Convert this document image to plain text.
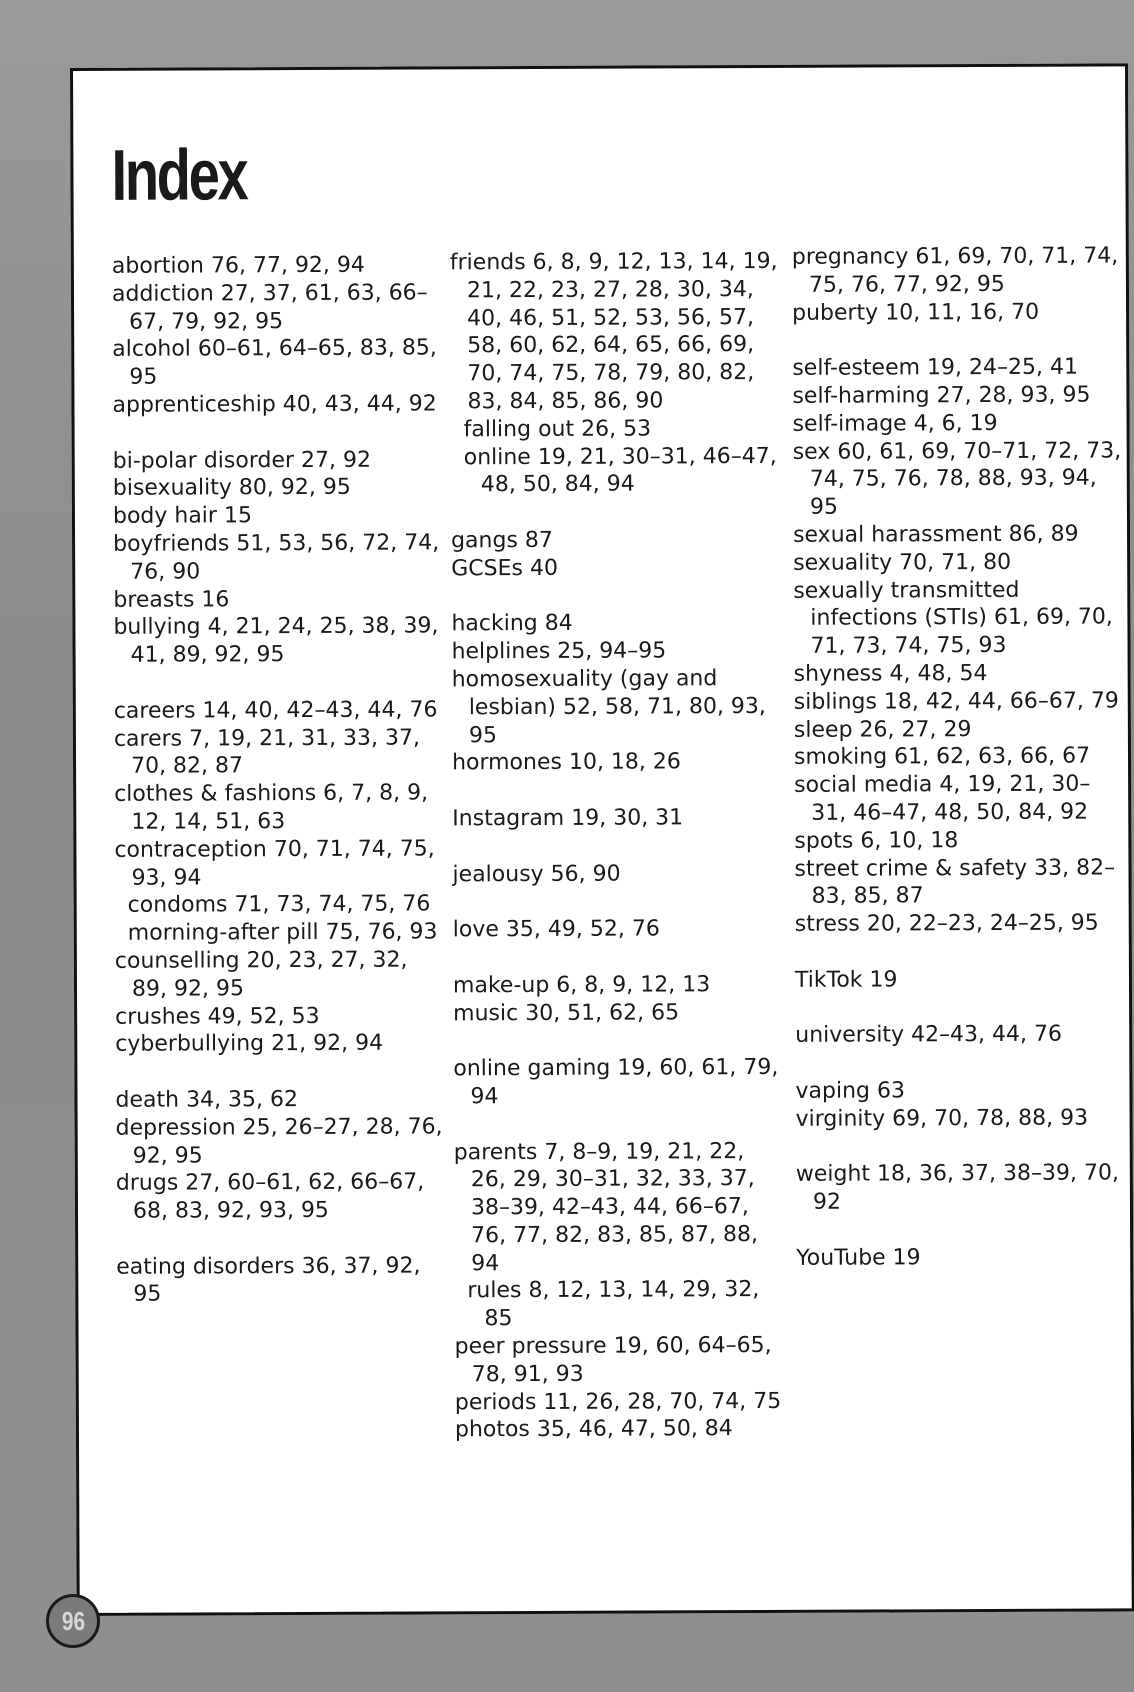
Index
abortion 76, 77, 92, 94
addiction 27, 37, 61, 63, 66–67, 79, 92, 95
alcohol 60–61, 64–65, 83, 85, 95
apprenticeship 40, 43, 44, 92
bi-polar disorder 27, 92
bisexuality 80, 92, 95
body hair 15
boyfriends 51, 53, 56, 72, 74, 76, 90
breasts 16
bullying 4, 21, 24, 25, 38, 39, 41, 89, 92, 95
careers 14, 40, 42–43, 44, 76
carers 7, 19, 21, 31, 33, 37, 70, 82, 87
clothes & fashions 6, 7, 8, 9, 12, 14, 51, 63
contraception 70, 71, 74, 75, 93, 94
condoms 71, 73, 74, 75, 76
morning-after pill 75, 76, 93
counselling 20, 23, 27, 32, 89, 92, 95
crushes 49, 52, 53
cyberbullying 21, 92, 94
death 34, 35, 62
depression 25, 26–27, 28, 76, 92, 95
drugs 27, 60–61, 62, 66–67, 68, 83, 92, 93, 95
eating disorders 36, 37, 92, 95
friends 6, 8, 9, 12, 13, 14, 19, 21, 22, 23, 27, 28, 30, 34, 40, 46, 51, 52, 53, 56, 57, 58, 60, 62, 64, 65, 66, 69, 70, 74, 75, 78, 79, 80, 82, 83, 84, 85, 86, 90
falling out 26, 53
online 19, 21, 30–31, 46–47, 48, 50, 84, 94
gangs 87
GCSEs 40
hacking 84
helplines 25, 94–95
homosexuality (gay and lesbian) 52, 58, 71, 80, 93, 95
hormones 10, 18, 26
Instagram 19, 30, 31
jealousy 56, 90
love 35, 49, 52, 76
make-up 6, 8, 9, 12, 13
music 30, 51, 62, 65
online gaming 19, 60, 61, 79, 94
parents 7, 8–9, 19, 21, 22, 26, 29, 30–31, 32, 33, 37, 38–39, 42–43, 44, 66–67, 76, 77, 82, 83, 85, 87, 88, 94
rules 8, 12, 13, 14, 29, 32, 85
peer pressure 19, 60, 64–65, 78, 91, 93
periods 11, 26, 28, 70, 74, 75
photos 35, 46, 47, 50, 84
pregnancy 61, 69, 70, 71, 74, 75, 76, 77, 92, 95
puberty 10, 11, 16, 70
self-esteem 19, 24–25, 41
self-harming 27, 28, 93, 95
self-image 4, 6, 19
sex 60, 61, 69, 70–71, 72, 73, 74, 75, 76, 78, 88, 93, 94, 95
sexual harassment 86, 89
sexuality 70, 71, 80
sexually transmitted infections (STIs) 61, 69, 70, 71, 73, 74, 75, 93
shyness 4, 48, 54
siblings 18, 42, 44, 66–67, 79
sleep 26, 27, 29
smoking 61, 62, 63, 66, 67
social media 4, 19, 21, 30–31, 46–47, 48, 50, 84, 92
spots 6, 10, 18
street crime & safety 33, 82–83, 85, 87
stress 20, 22–23, 24–25, 95
TikTok 19
university 42–43, 44, 76
vaping 63
virginity 69, 70, 78, 88, 93
weight 18, 36, 37, 38–39, 70, 92
YouTube 19
96
